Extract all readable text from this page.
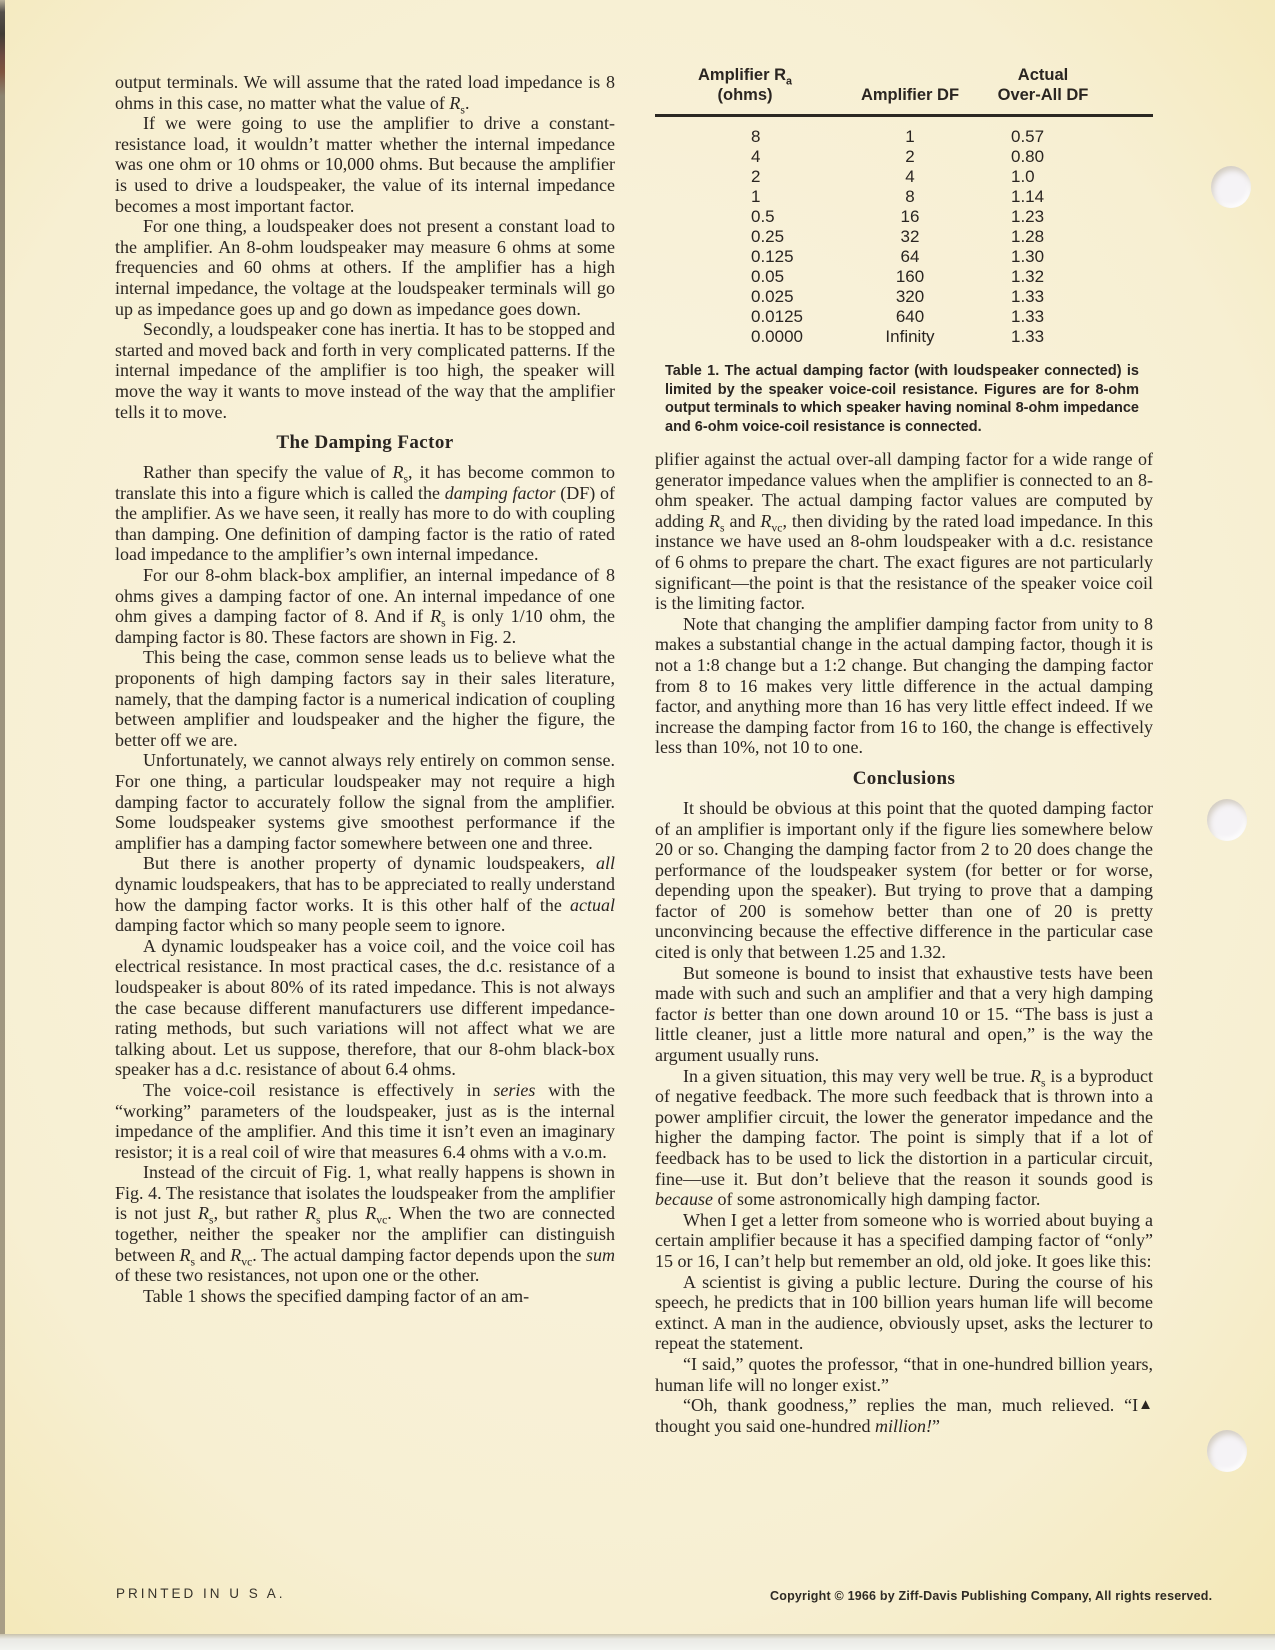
output terminals. We will assume that the rated load impedance is 8 ohms in this case, no matter what the value of $R_s$.

If we were going to use the amplifier to drive a constant-resistance load, it wouldn’t matter whether the internal impedance was one ohm or 10 ohms or 10,000 ohms. But because the amplifier is used to drive a loudspeaker, the value of its internal impedance becomes a most important factor.

For one thing, a loudspeaker does not present a constant load to the amplifier. An 8-ohm loudspeaker may measure 6 ohms at some frequencies and 60 ohms at others. If the amplifier has a high internal impedance, the voltage at the loudspeaker terminals will go up as impedance goes up and go down as impedance goes down.

Secondly, a loudspeaker cone has inertia. It has to be stopped and started and moved back and forth in very complicated patterns. If the internal impedance of the amplifier is too high, the speaker will move the way it wants to move instead of the way that the amplifier tells it to move.

The Damping Factor

Rather than specify the value of $R_s$, it has become common to translate this into a figure which is called the damping factor (DF) of the amplifier. As we have seen, it really has more to do with coupling than damping. One definition of damping factor is the ratio of rated load impedance to the amplifier’s own internal impedance.

For our 8-ohm black-box amplifier, an internal impedance of 8 ohms gives a damping factor of one. An internal impedance of one ohm gives a damping factor of 8. And if $R_s$ is only 1/10 ohm, the damping factor is 80. These factors are shown in Fig. 2.

This being the case, common sense leads us to believe what the proponents of high damping factors say in their sales literature, namely, that the damping factor is a numerical indication of coupling between amplifier and loudspeaker and the higher the figure, the better off we are.

Unfortunately, we cannot always rely entirely on common sense. For one thing, a particular loudspeaker may not require a high damping factor to accurately follow the signal from the amplifier. Some loudspeaker systems give smoothest performance if the amplifier has a damping factor somewhere between one and three.

But there is another property of dynamic loudspeakers, all dynamic loudspeakers, that has to be appreciated to really understand how the damping factor works. It is this other half of the actual damping factor which so many people seem to ignore.

A dynamic loudspeaker has a voice coil, and the voice coil has electrical resistance. In most practical cases, the d.c. resistance of a loudspeaker is about 80% of its rated impedance. This is not always the case because different manufacturers use different impedance-rating methods, but such variations will not affect what we are talking about. Let us suppose, therefore, that our 8-ohm black-box speaker has a d.c. resistance of about 6.4 ohms.

The voice-coil resistance is effectively in series with the “working” parameters of the loudspeaker, just as is the internal impedance of the amplifier. And this time it isn’t even an imaginary resistor; it is a real coil of wire that measures 6.4 ohms with a v.o.m.

Instead of the circuit of Fig. 1, what really happens is shown in Fig. 4. The resistance that isolates the loudspeaker from the amplifier is not just $R_s$, but rather $R_s$ plus $R_{vc}$. When the two are connected together, neither the speaker nor the amplifier can distinguish between $R_s$ and $R_{vc}$. The actual damping factor depends upon the sum of these two resistances, not upon one or the other.

Table 1 shows the specified damping factor of an am-

Amplifier $R_a$
(ohms)	Amplifier DF
Actual
Over-All DF
8	1	0.57
4	2	0.80
2	4	1.0
1	8	1.14
0.5	16	1.23
0.25	32	1.28
0.125	64	1.30
0.05	160	1.32
0.025	320	1.33
0.0125	640	1.33
0.0000	Infinity	1.33

Table 1. The actual damping factor (with loudspeaker connected) is limited by the speaker voice-coil resistance. Figures are for 8-ohm output terminals to which speaker having nominal 8-ohm impedance and 6-ohm voice-coil resistance is connected.

plifier against the actual over-all damping factor for a wide range of generator impedance values when the amplifier is connected to an 8-ohm speaker. The actual damping factor values are computed by adding $R_s$ and $R_{vc}$, then dividing by the rated load impedance. In this instance we have used an 8-ohm loudspeaker with a d.c. resistance of 6 ohms to prepare the chart. The exact figures are not particularly significant—the point is that the resistance of the speaker voice coil is the limiting factor.

Note that changing the amplifier damping factor from unity to 8 makes a substantial change in the actual damping factor, though it is not a 1:8 change but a 1:2 change. But changing the damping factor from 8 to 16 makes very little difference in the actual damping factor, and anything more than 16 has very little effect indeed. If we increase the damping factor from 16 to 160, the change is effectively less than 10%, not 10 to one.

Conclusions

It should be obvious at this point that the quoted damping factor of an amplifier is important only if the figure lies somewhere below 20 or so. Changing the damping factor from 2 to 20 does change the performance of the loudspeaker system (for better or for worse, depending upon the speaker). But trying to prove that a damping factor of 200 is somehow better than one of 20 is pretty unconvincing because the effective difference in the particular case cited is only that between 1.25 and 1.32.

But someone is bound to insist that exhaustive tests have been made with such and such an amplifier and that a very high damping factor is better than one down around 10 or 15. “The bass is just a little cleaner, just a little more natural and open,” is the way the argument usually runs.

In a given situation, this may very well be true. $R_s$ is a byproduct of negative feedback. The more such feedback that is thrown into a power amplifier circuit, the lower the generator impedance and the higher the damping factor. The point is simply that if a lot of feedback has to be used to lick the distortion in a particular circuit, fine—use it. But don’t believe that the reason it sounds good is because of some astronomically high damping factor.

When I get a letter from someone who is worried about buying a certain amplifier because it has a specified damping factor of “only” 15 or 16, I can’t help but remember an old, old joke. It goes like this:

A scientist is giving a public lecture. During the course of his speech, he predicts that in 100 billion years human life will become extinct. A man in the audience, obviously upset, asks the lecturer to repeat the statement.

“I said,” quotes the professor, “that in one-hundred billion years, human life will no longer exist.”

▲
“Oh, thank goodness,” replies the man, much relieved. “I thought you said one-hundred million!”

PRINTED IN U S A.	Copyright © 1966 by Ziff-Davis Publishing Company, All rights reserved.
